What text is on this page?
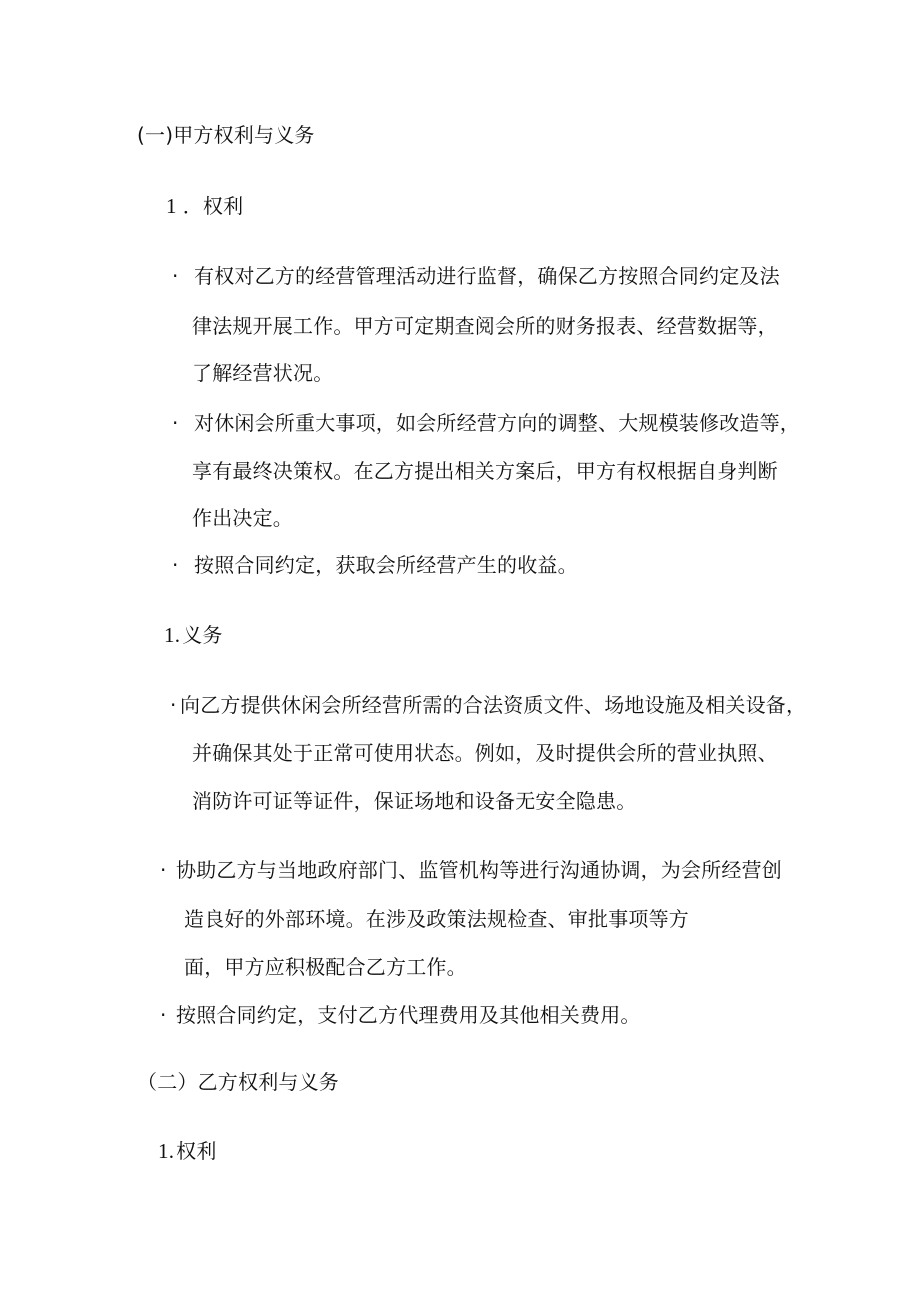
(一)甲方权利与义务
1 ．权利
· 有权对乙方的经营管理活动进行监督，确保乙方按照合同约定及法
律法规开展工作。甲方可定期查阅会所的财务报表、经营数据等，
了解经营状况。
· 对休闲会所重大事项，如会所经营方向的调整、大规模装修改造等，
享有最终决策权。在乙方提出相关方案后，甲方有权根据自身判断
作出决定。
· 按照合同约定，获取会所经营产生的收益。
1. 义务
· 向乙方提供休闲会所经营所需的合法资质文件、场地设施及相关设备，
并确保其处于正常可使用状态。例如，及时提供会所的营业执照、
消防许可证等证件，保证场地和设备无安全隐患。
· 协助乙方与当地政府部门、监管机构等进行沟通协调，为会所经营创
造良好的外部环境。在涉及政策法规检查、审批事项等方
面，甲方应积极配合乙方工作。
· 按照合同约定，支付乙方代理费用及其他相关费用。
（二）乙方权利与义务
1. 权利
